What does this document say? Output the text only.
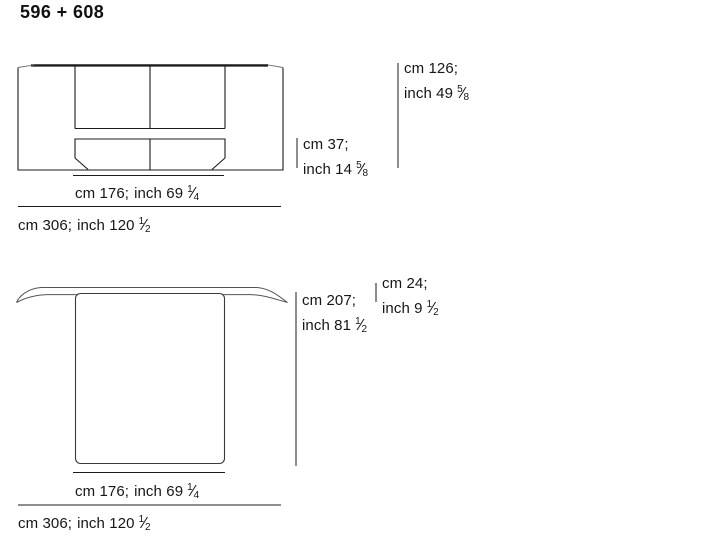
596 + 608
cm 176; inch 69 $^1$⁄ 4
cm 306; inch 120 $^1$⁄ 2
cm 37;
inch 14 $^5$⁄ 8
cm 126;
inch 49 $^5$⁄ 8
cm 207;
inch 81 $^1$⁄ 2
cm 24;
inch 9 $^1$⁄ 2
cm 176; inch 69 $^1$⁄ 4
cm 306; inch 120 $^1$⁄ 2
